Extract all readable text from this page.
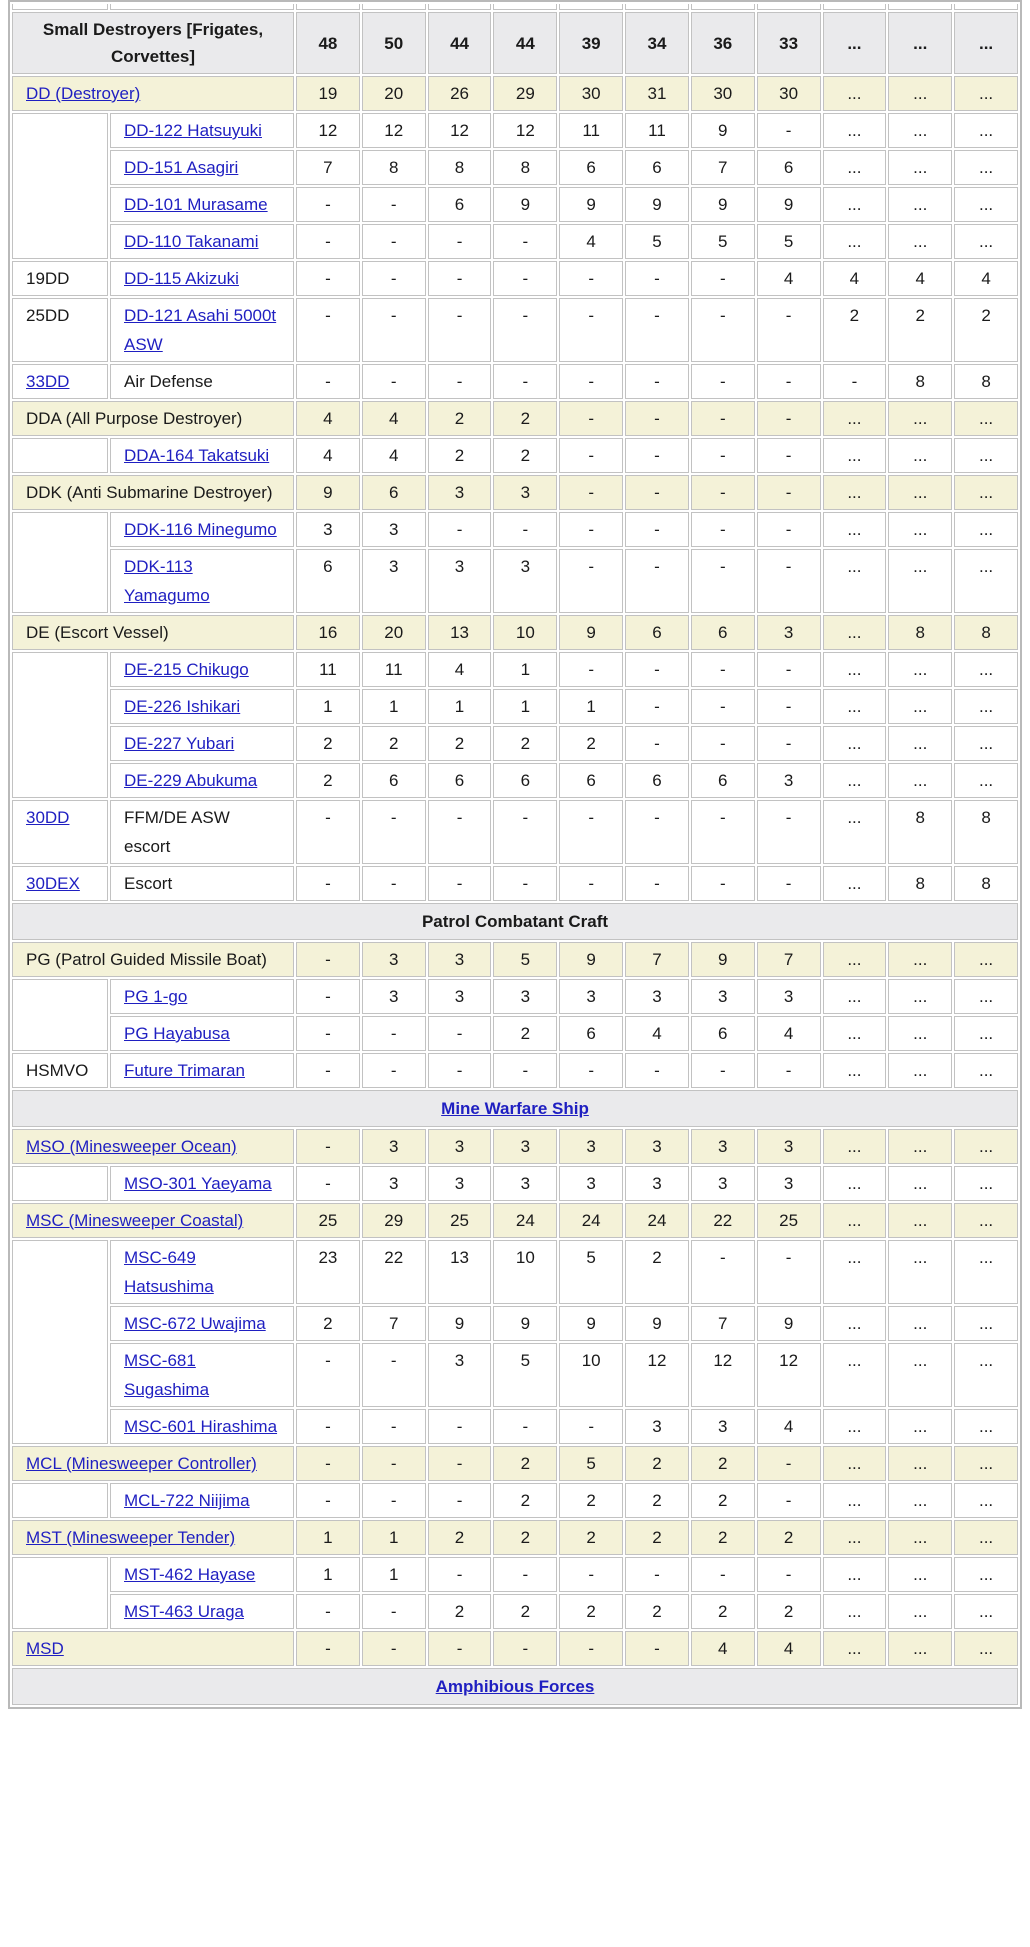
Small Destroyers [Frigates, Corvettes]		48	50	44	44	39	34	36	33	...	...	...
DD (Destroyer)		19	20	26	29	30	31	30	30	...	...	...
	DD-122 Hatsuyuki	12	12	12	12	11	11	9	-	...	...	...
	DD-151 Asagiri	7	8	8	8	6	6	7	6	...	...	...
	DD-101 Murasame	-	-	6	9	9	9	9	9	...	...	...
	DD-110 Takanami	-	-	-	-	4	5	5	5	...	...	...
19DD	DD-115 Akizuki	-	-	-	-	-	-	-	4	4	4	4
25DD	DD-121 Asahi 5000t ASW	-	-	-	-	-	-	-	-	2	2	2
33DD	Air Defense	-	-	-	-	-	-	-	-	-	8	8
DDA (All Purpose Destroyer)		4	4	2	2	-	-	-	-	...	...	...
	DDA-164 Takatsuki	4	4	2	2	-	-	-	-	...	...	...
DDK (Anti Submarine Destroyer)		9	6	3	3	-	-	-	-	...	...	...
	DDK-116 Minegumo	3	3	-	-	-	-	-	-	...	...	...
	DDK-113 Yamagumo	6	3	3	3	-	-	-	-	...	...	...
DE (Escort Vessel)		16	20	13	10	9	6	6	3	...	8	8
	DE-215 Chikugo	11	11	4	1	-	-	-	-	...	...	...
	DE-226 Ishikari	1	1	1	1	1	-	-	-	...	...	...
	DE-227 Yubari	2	2	2	2	2	-	-	-	...	...	...
	DE-229 Abukuma	2	6	6	6	6	6	6	3	...	...	...
30DD	FFM/DE ASW escort	-	-	-	-	-	-	-	-	...	8	8
30DEX	Escort	-	-	-	-	-	-	-	-	...	8	8
Patrol Combatant Craft												
PG (Patrol Guided Missile Boat)		-	3	3	5	9	7	9	7	...	...	...
	PG 1-go	-	3	3	3	3	3	3	3	...	...	...
	PG Hayabusa	-	-	-	2	6	4	6	4	...	...	...
HSMVO	Future Trimaran	-	-	-	-	-	-	-	-	...	...	...
Mine Warfare Ship												
MSO (Minesweeper Ocean)		-	3	3	3	3	3	3	3	...	...	...
	MSO-301 Yaeyama	-	3	3	3	3	3	3	3	...	...	...
MSC (Minesweeper Coastal)		25	29	25	24	24	24	22	25	...	...	...
	MSC-649 Hatsushima	23	22	13	10	5	2	-	-	...	...	...
	MSC-672 Uwajima	2	7	9	9	9	9	7	9	...	...	...
	MSC-681 Sugashima	-	-	3	5	10	12	12	12	...	...	...
	MSC-601 Hirashima	-	-	-	-	-	3	3	4	...	...	...
MCL (Minesweeper Controller)		-	-	-	2	5	2	2	-	...	...	...
	MCL-722 Niijima	-	-	-	2	2	2	2	-	...	...	...
MST (Minesweeper Tender)		1	1	2	2	2	2	2	2	...	...	...
	MST-462 Hayase	1	1	-	-	-	-	-	-	...	...	...
	MST-463 Uraga	-	-	2	2	2	2	2	2	...	...	...
MSD		-	-	-	-	-	-	4	4	...	...	...
Amphibious Forces												
